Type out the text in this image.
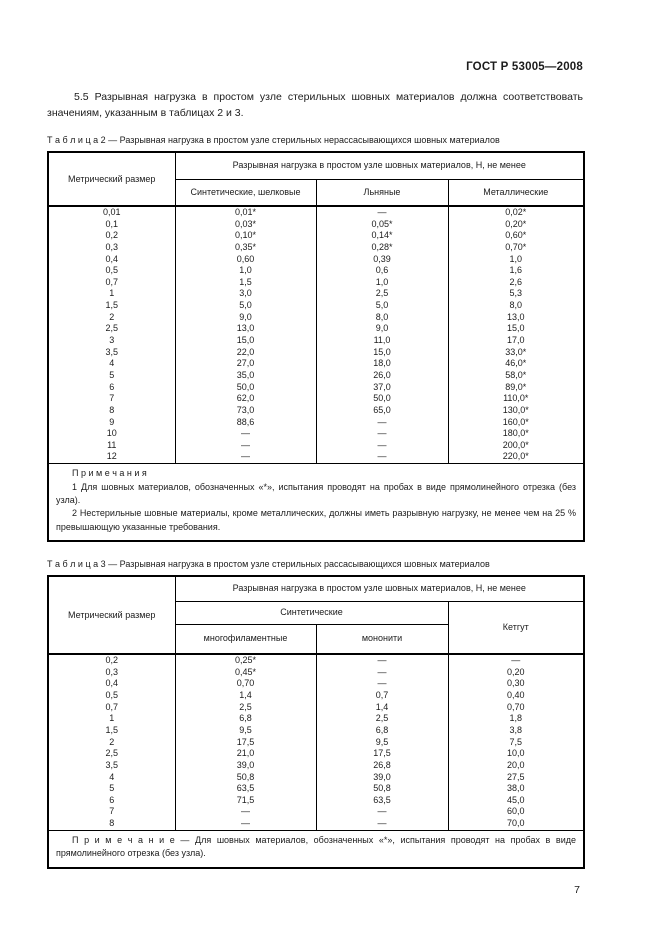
ГОСТ Р 53005—2008

5.5 Разрывная нагрузка в простом узле стерильных шовных материалов должна соответствовать значениям, указанным в таблицах 2 и 3.

Т а б л и ц а 2 — Разрывная нагрузка в простом узле стерильных нерассасывающихся шовных материалов
Метрический размер	Разрывная нагрузка в простом узле шовных материалов, Н, не менее		
	Синтетические, шелковые	Льняные	Металлические
0,01	0,01*	—	0,02*
0,1	0,03*	0,05*	0,20*
0,2	0,10*	0,14*	0,60*
0,3	0,35*	0,28*	0,70*
0,4	0,60	0,39	1,0
0,5	1,0	0,6	1,6
0,7	1,5	1,0	2,6
1	3,0	2,5	5,3
1,5	5,0	5,0	8,0
2	9,0	8,0	13,0
2,5	13,0	9,0	15,0
3	15,0	11,0	17,0
3,5	22,0	15,0	33,0*
4	27,0	18,0	46,0*
5	35,0	26,0	58,0*
6	50,0	37,0	89,0*
7	62,0	50,0	110,0*
8	73,0	65,0	130,0*
9	88,6	—	160,0*
10	—	—	180,0*
11	—	—	200,0*
12	—	—	220,0*

П р и м е ч а н и я
1 Для шовных материалов, обозначенных «*», испытания проводят на пробах в виде прямолинейного отрезка (без узла).
2 Нестерильные шовные материалы, кроме металлических, должны иметь разрывную нагрузку, не менее чем на 25 % превышающую указанные требования.			
Т а б л и ц а 3 — Разрывная нагрузка в простом узле стерильных рассасывающихся шовных материалов
Метрический размер	Разрывная нагрузка в простом узле шовных материалов, Н, не менее		
	Синтетические		Кетгут
	многофиламентные	мононити	
0,2	0,25*	—	—
0,3	0,45*	—	0,20
0,4	0,70	—	0,30
0,5	1,4	0,7	0,40
0,7	2,5	1,4	0,70
1	6,8	2,5	1,8
1,5	9,5	6,8	3,8
2	17,5	9,5	7,5
2,5	21,0	17,5	10,0
3,5	39,0	26,8	20,0
4	50,8	39,0	27,5
5	63,5	50,8	38,0
6	71,5	63,5	45,0
7	—	—	60,0
8	—	—	70,0

П р и м е ч а н и е — Для шовных материалов, обозначенных «*», испытания проводят на пробах в виде прямолинейного отрезка (без узла).			
7
